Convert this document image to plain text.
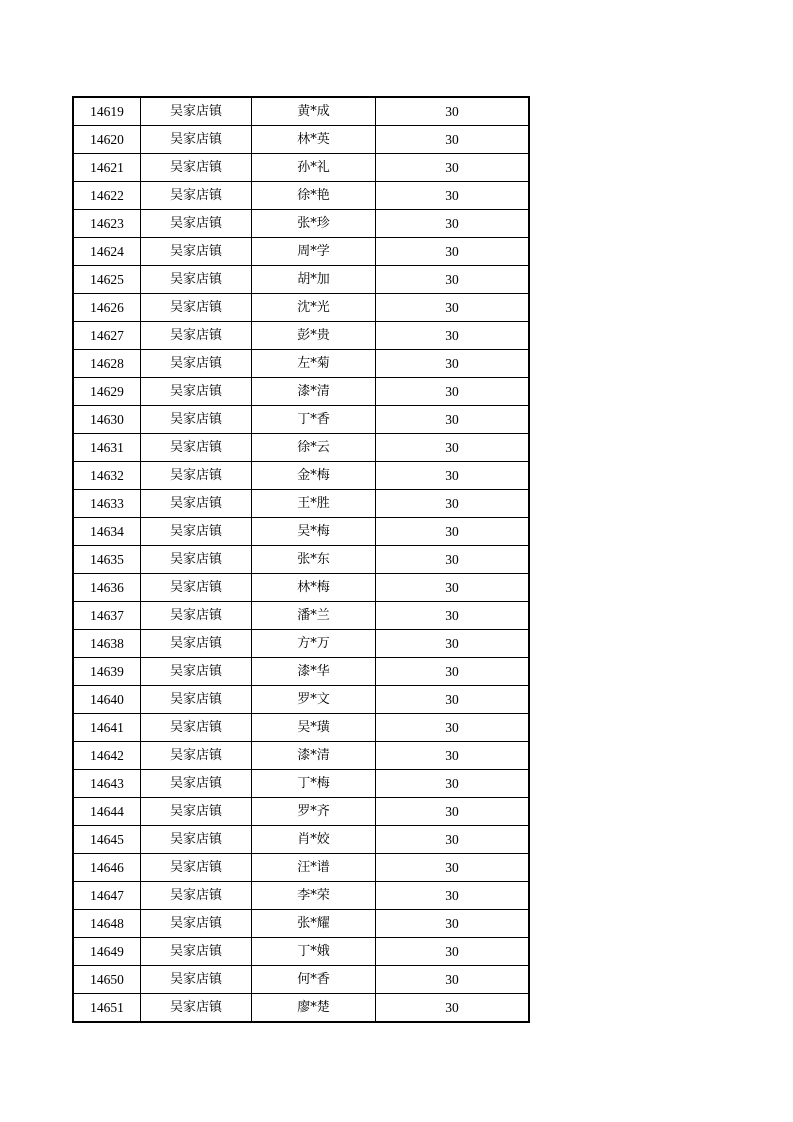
14619	吴家店镇	黄*成	30
14620	吴家店镇	林*英	30
14621	吴家店镇	孙*礼	30
14622	吴家店镇	徐*艳	30
14623	吴家店镇	张*珍	30
14624	吴家店镇	周*学	30
14625	吴家店镇	胡*加	30
14626	吴家店镇	沈*光	30
14627	吴家店镇	彭*贵	30
14628	吴家店镇	左*菊	30
14629	吴家店镇	漆*清	30
14630	吴家店镇	丁*香	30
14631	吴家店镇	徐*云	30
14632	吴家店镇	金*梅	30
14633	吴家店镇	王*胜	30
14634	吴家店镇	吴*梅	30
14635	吴家店镇	张*东	30
14636	吴家店镇	林*梅	30
14637	吴家店镇	潘*兰	30
14638	吴家店镇	方*万	30
14639	吴家店镇	漆*华	30
14640	吴家店镇	罗*文	30
14641	吴家店镇	吴*璜	30
14642	吴家店镇	漆*清	30
14643	吴家店镇	丁*梅	30
14644	吴家店镇	罗*齐	30
14645	吴家店镇	肖*姣	30
14646	吴家店镇	汪*谱	30
14647	吴家店镇	李*荣	30
14648	吴家店镇	张*耀	30
14649	吴家店镇	丁*娥	30
14650	吴家店镇	何*香	30
14651	吴家店镇	廖*楚	30
